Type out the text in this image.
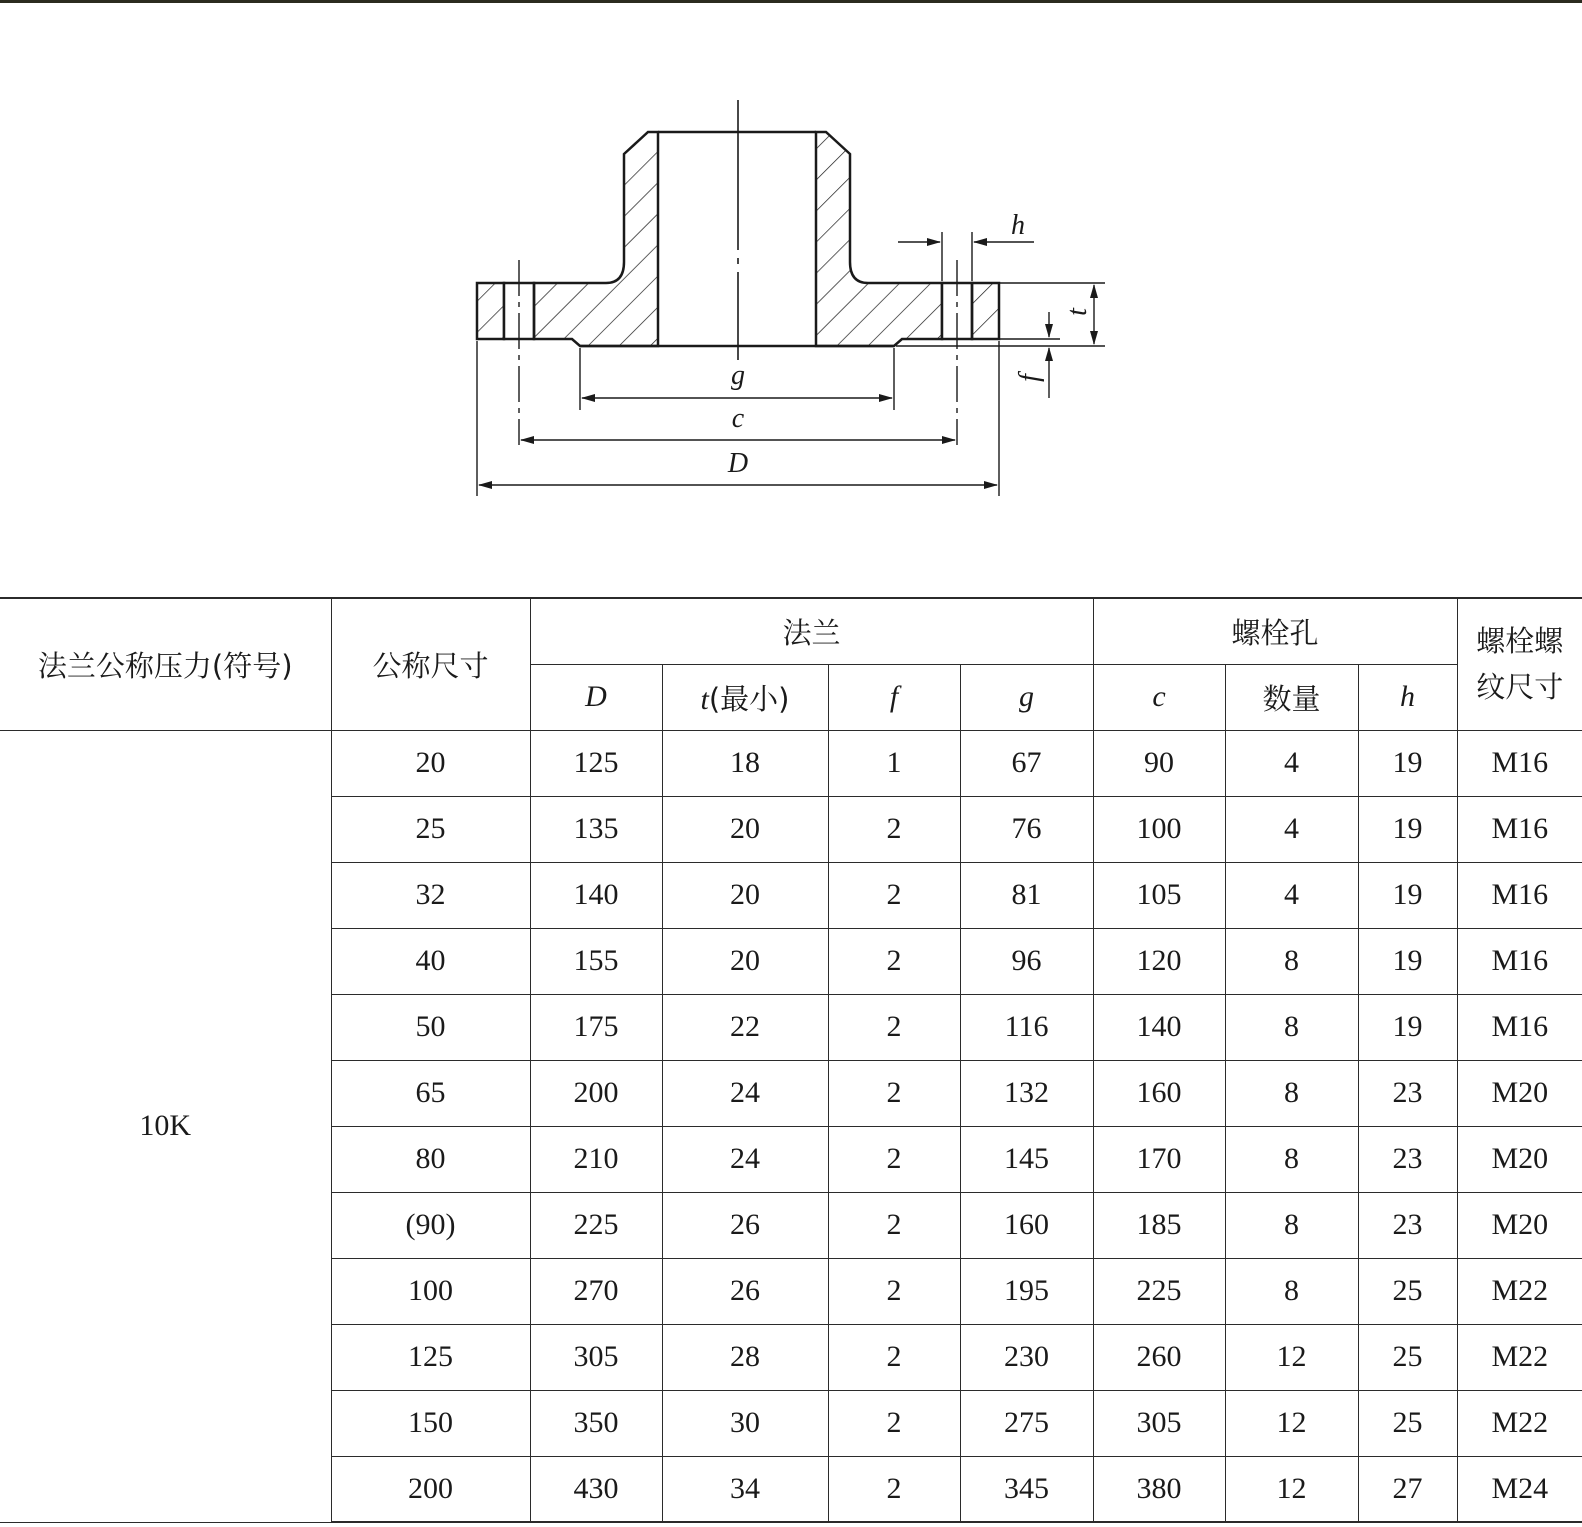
g
c
D
h
t
f
法兰公称压力(符号)	公称尺寸	法兰				螺栓孔			螺栓螺纹尺寸
		D	t(最小)	f	g	c	数量	h	
10K	20	125	18	1	67	90	4	19	M16
	25	135	20	2	76	100	4	19	M16
	32	140	20	2	81	105	4	19	M16
	40	155	20	2	96	120	8	19	M16
	50	175	22	2	116	140	8	19	M16
	65	200	24	2	132	160	8	23	M20
	80	210	24	2	145	170	8	23	M20
	(90)	225	26	2	160	185	8	23	M20
	100	270	26	2	195	225	8	25	M22
	125	305	28	2	230	260	12	25	M22
	150	350	30	2	275	305	12	25	M22
	200	430	34	2	345	380	12	27	M24
